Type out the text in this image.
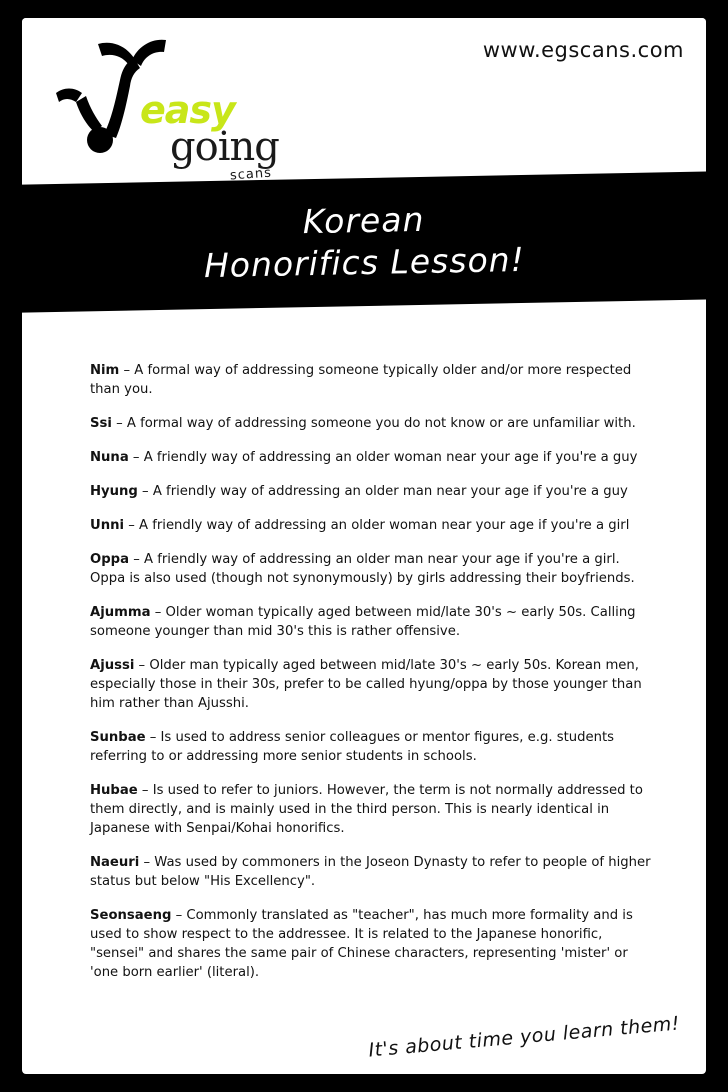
easy
going
scans
www.egscans.com
Korean
Honorifics Lesson!

Nim – A formal way of addressing someone typically older and/or more respected than you.

Ssi – A formal way of addressing someone you do not know or are unfamiliar with.

Nuna – A friendly way of addressing an older woman near your age if you're a guy

Hyung – A friendly way of addressing an older man near your age if you're a guy

Unni – A friendly way of addressing an older woman near your age if you're a girl

Oppa – A friendly way of addressing an older man near your age if you're a girl. Oppa is also used (though not synonymously) by girls addressing their boyfriends.

Ajumma – Older woman typically aged between mid/late 30's ~ early 50s. Calling someone younger than mid 30's this is rather offensive.

Ajussi – Older man typically aged between mid/late 30's ~ early 50s. Korean men, especially those in their 30s, prefer to be called hyung/oppa by those younger than him rather than Ajusshi.

Sunbae – Is used to address senior colleagues or mentor figures, e.g. students referring to or addressing more senior students in schools.

Hubae – Is used to refer to juniors. However, the term is not normally addressed to them directly, and is mainly used in the third person. This is nearly identical in Japanese with Senpai/Kohai honorifics.

Naeuri – Was used by commoners in the Joseon Dynasty to refer to people of higher status but below "His Excellency".

Seonsaeng – Commonly translated as "teacher", has much more formality and is used to show respect to the addressee. It is related to the Japanese honorific, "sensei" and shares the same pair of Chinese characters, representing 'mister' or 'one born earlier' (literal).

It's about time you learn them!
